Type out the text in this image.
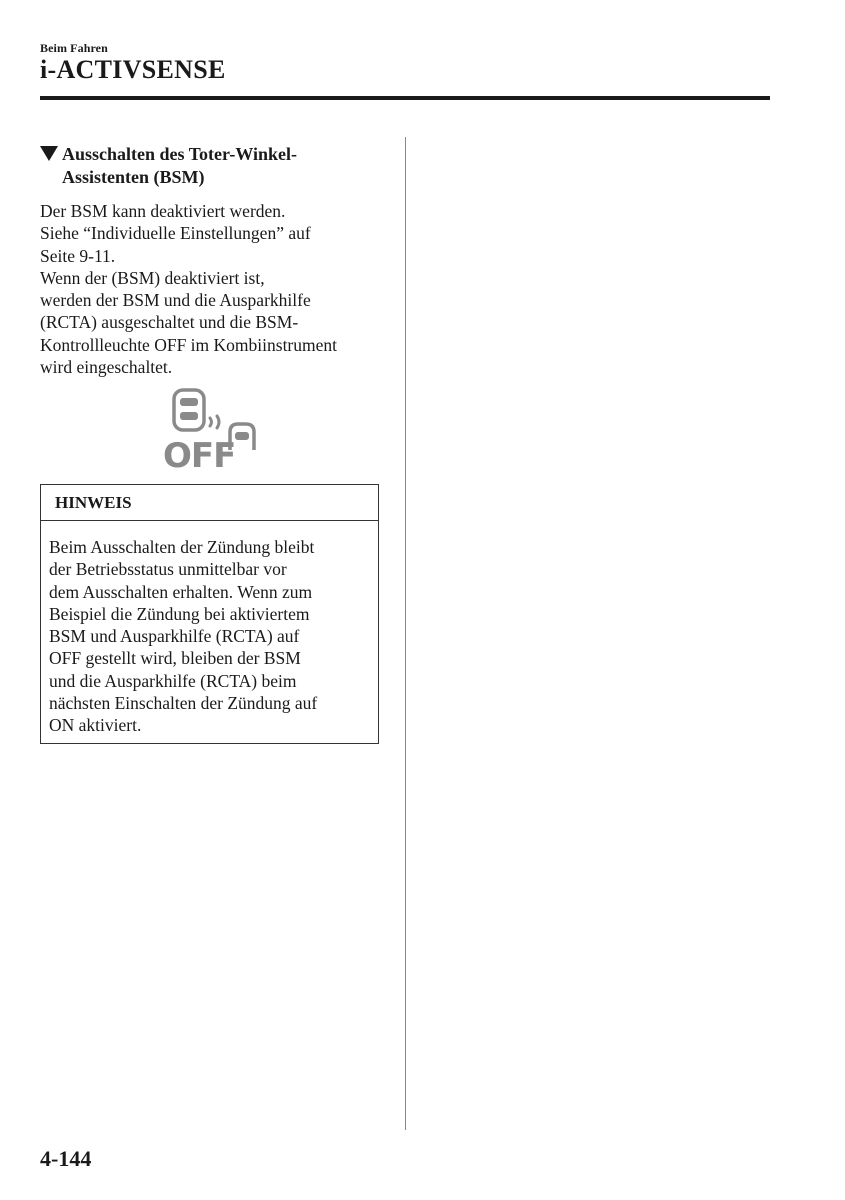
Beim Fahren
i-ACTIVSENSE
Ausschalten des Toter-Winkel-
Assistenten (BSM)
Der BSM kann deaktiviert werden.
Siehe “Individuelle Einstellungen” auf
Seite 9-11.
Wenn der (BSM) deaktiviert ist,
werden der BSM und die Ausparkhilfe
(RCTA) ausgeschaltet und die BSM-
Kontrollleuchte OFF im Kombiinstrument
wird eingeschaltet.
OFF
HINWEIS
Beim Ausschalten der Zündung bleibt
der Betriebsstatus unmittelbar vor
dem Ausschalten erhalten. Wenn zum
Beispiel die Zündung bei aktiviertem
BSM und Ausparkhilfe (RCTA) auf
OFF gestellt wird, bleiben der BSM
und die Ausparkhilfe (RCTA) beim
nächsten Einschalten der Zündung auf
ON aktiviert.
4-144
